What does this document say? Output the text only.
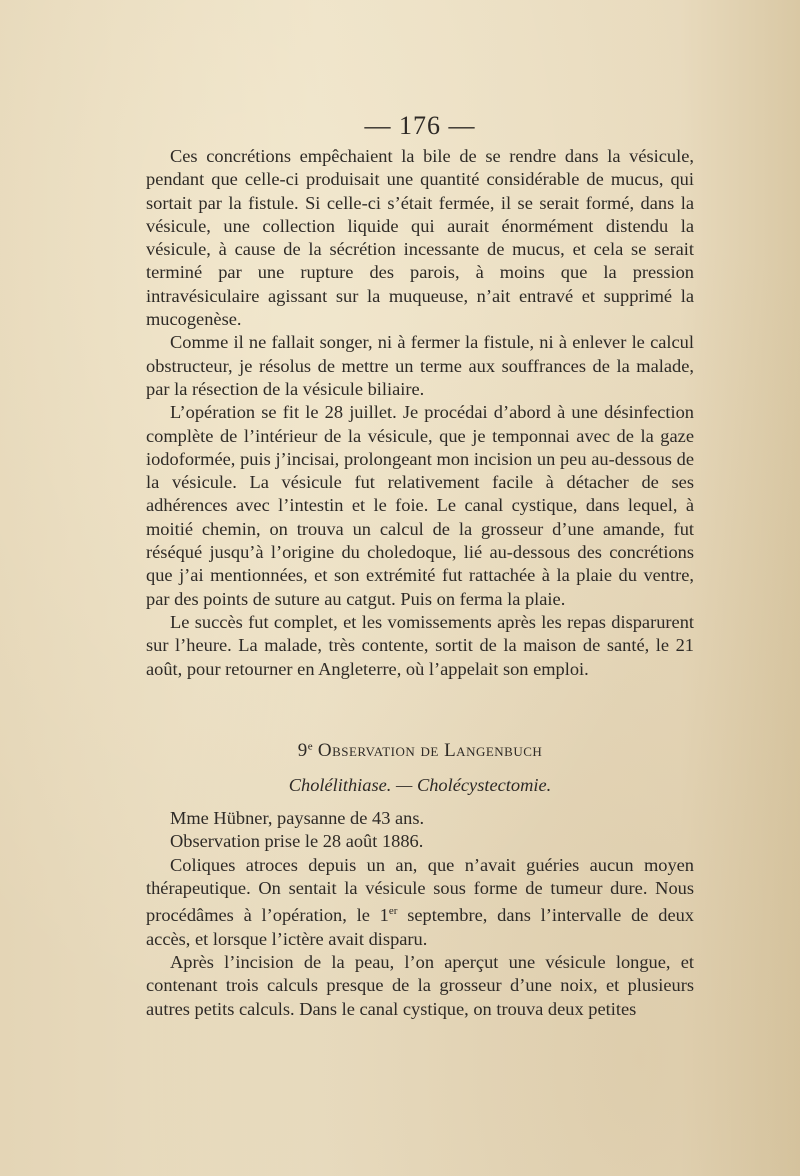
— 176 —

Ces concrétions empêchaient la bile de se rendre dans la vésicule, pendant que celle-ci produisait une quantité considérable de mucus, qui sortait par la fistule. Si celle-ci s’était fermée, il se serait formé, dans la vésicule, une collection liquide qui aurait énormément distendu la vésicule, à cause de la sécrétion incessante de mucus, et cela se serait terminé par une rupture des parois, à moins que la pression intravésiculaire agissant sur la muqueuse, n’ait entravé et supprimé la mucogenèse.

Comme il ne fallait songer, ni à fermer la fistule, ni à enlever le calcul obstructeur, je résolus de mettre un terme aux souffrances de la malade, par la résection de la vésicule biliaire.

L’opération se fit le 28 juillet. Je procédai d’abord à une désinfection complète de l’intérieur de la vésicule, que je temponnai avec de la gaze iodoformée, puis j’incisai, prolongeant mon incision un peu au-dessous de la vésicule. La vésicule fut relativement facile à détacher de ses adhérences avec l’intestin et le foie. Le canal cystique, dans lequel, à moitié chemin, on trouva un calcul de la grosseur d’une amande, fut réséqué jusqu’à l’origine du choledoque, lié au-dessous des concrétions que j’ai mentionnées, et son extrémité fut rattachée à la plaie du ventre, par des points de suture au catgut. Puis on ferma la plaie.

Le succès fut complet, et les vomissements après les repas disparurent sur l’heure. La malade, très contente, sortit de la maison de santé, le 21 août, pour retourner en Angleterre, où l’appelait son emploi.

9e Observation de Langenbuch
Cholélithiase. — Cholécystectomie.

Mme Hübner, paysanne de 43 ans.

Observation prise le 28 août 1886.

Coliques atroces depuis un an, que n’avait guéries aucun moyen thérapeutique. On sentait la vésicule sous forme de tumeur dure. Nous procédâmes à l’opération, le 1er septembre, dans l’intervalle de deux accès, et lorsque l’ictère avait disparu.

Après l’incision de la peau, l’on aperçut une vésicule longue, et contenant trois calculs presque de la grosseur d’une noix, et plusieurs autres petits calculs. Dans le canal cystique, on trouva deux petites
